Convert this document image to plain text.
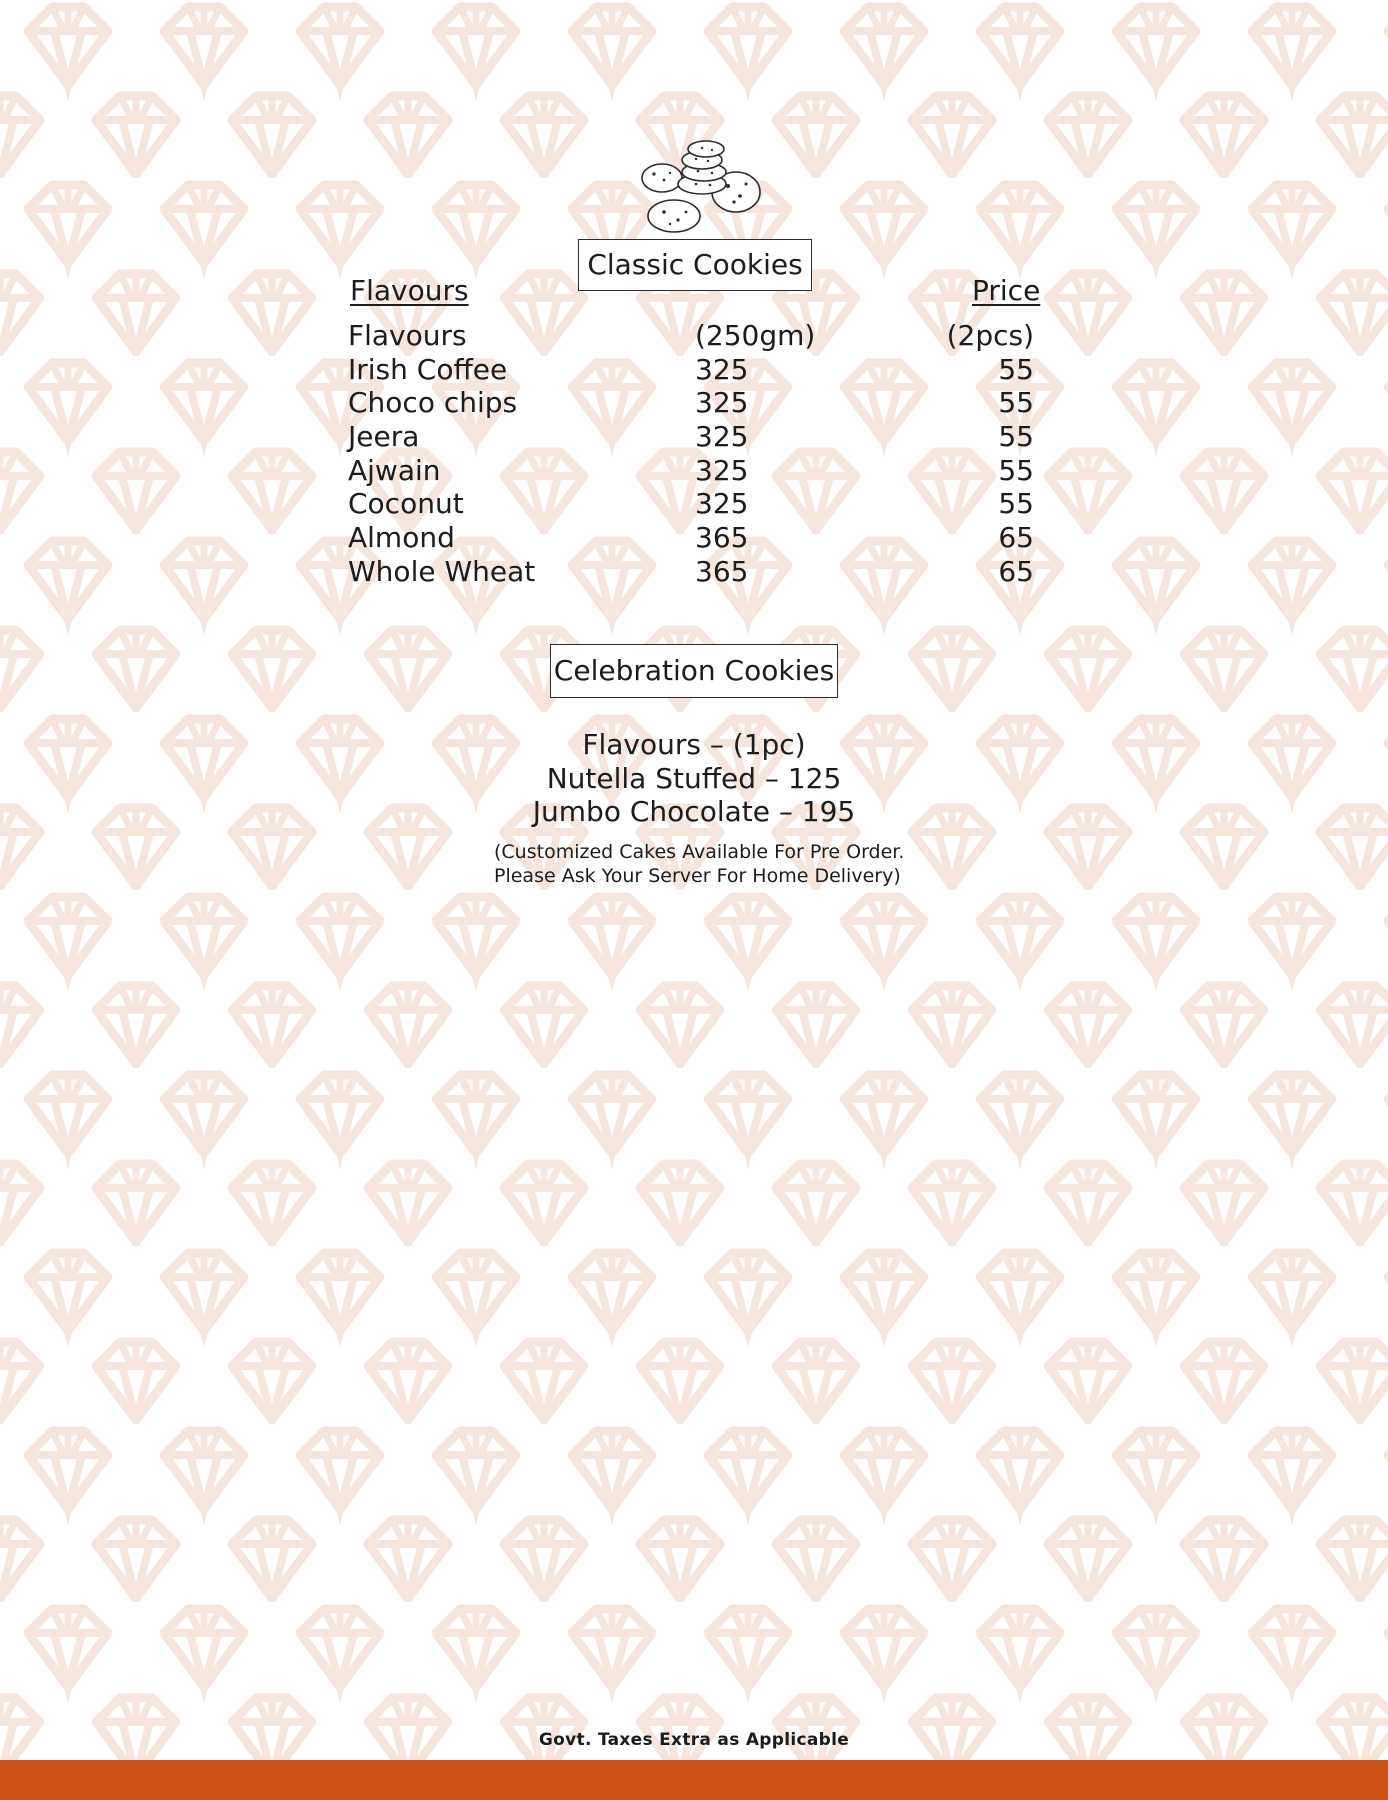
Classic Cookies
Flavours	Price
Flavours	(250gm)	(2pcs)
Irish Coffee	325	55
Choco chips	325	55
Jeera	325	55
Ajwain	325	55
Coconut	325	55
Almond	365	65
Whole Wheat	365	65
Celebration Cookies
Flavours – (1pc)
Nutella Stuffed – 125
Jumbo Chocolate – 195
(Customized Cakes Available For Pre Order.
Please Ask Your Server For Home Delivery)
Govt. Taxes Extra as Applicable
